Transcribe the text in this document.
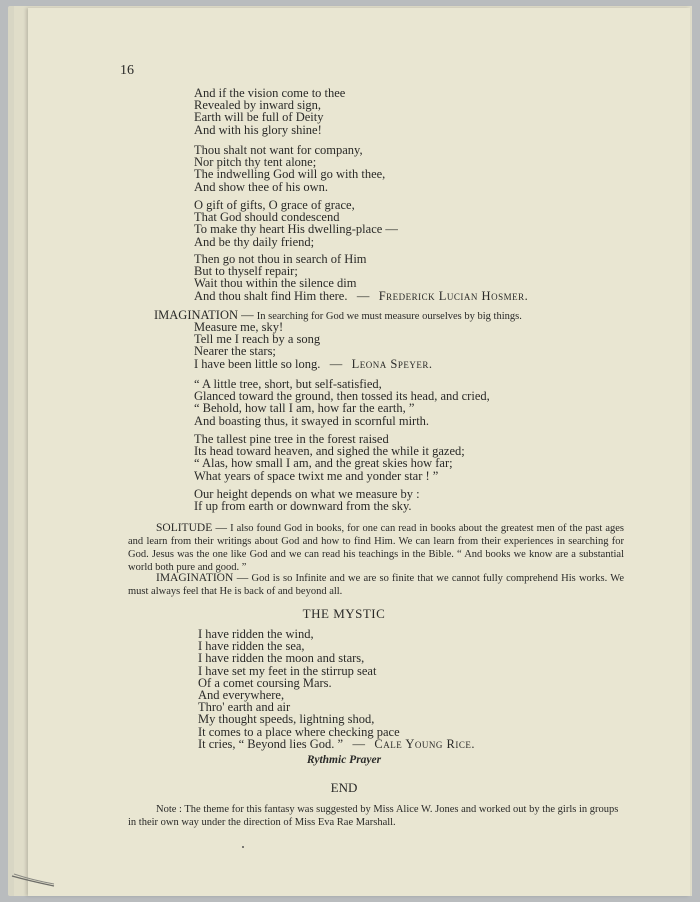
16
And if the vision come to thee
Revealed by inward sign,
Earth will be full of Deity
And with his glory shine!
Thou shalt not want for company,
Nor pitch thy tent alone;
The indwelling God will go with thee,
And show thee of his own.
O gift of gifts, O grace of grace,
That God should condescend
To make thy heart His dwelling-place —
And be thy daily friend;
Then go not thou in search of Him
But to thyself repair;
Wait thou within the silence dim
And thou shalt find Him there.   —   Frederick Lucian Hosmer.
IMAGINATION — In searching for God we must measure ourselves by big things.
Measure me, sky!
Tell me I reach by a song
Nearer the stars;
I have been little so long.   —   Leona Speyer.
“ A little tree, short, but self-satisfied,
Glanced toward the ground, then tossed its head, and cried,
“ Behold, how tall I am, how far the earth, ”
And boasting thus, it swayed in scornful mirth.
The tallest pine tree in the forest raised
Its head toward heaven, and sighed the while it gazed;
“ Alas, how small I am, and the great skies how far;
What years of space twixt me and yonder star ! ”
Our height depends on what we measure by :
If up from earth or downward from the sky.
SOLITUDE — I also found God in books, for one can read in books about the greatest men of the past ages and learn from their writings about God and how to find Him. We can learn from their experiences in searching for God. Jesus was the one like God and we can read his teachings in the Bible. “ And books we know are a substantial world both pure and good. ”
IMAGINATION — God is so Infinite and we are so finite that we cannot fully comprehend His works. We must always feel that He is back of and beyond all.
THE MYSTIC
I have ridden the wind,
I have ridden the sea,
I have ridden the moon and stars,
I have set my feet in the stirrup seat
Of a comet coursing Mars.
And everywhere,
Thro' earth and air
My thought speeds, lightning shod,
It comes to a place where checking pace
It cries, “ Beyond lies God. ”   —   Cale Young Rice.
Rythmic Prayer
END
Note : The theme for this fantasy was suggested by Miss Alice W. Jones and worked out by the girls in groups in their own way under the direction of Miss Eva Rae Marshall.
